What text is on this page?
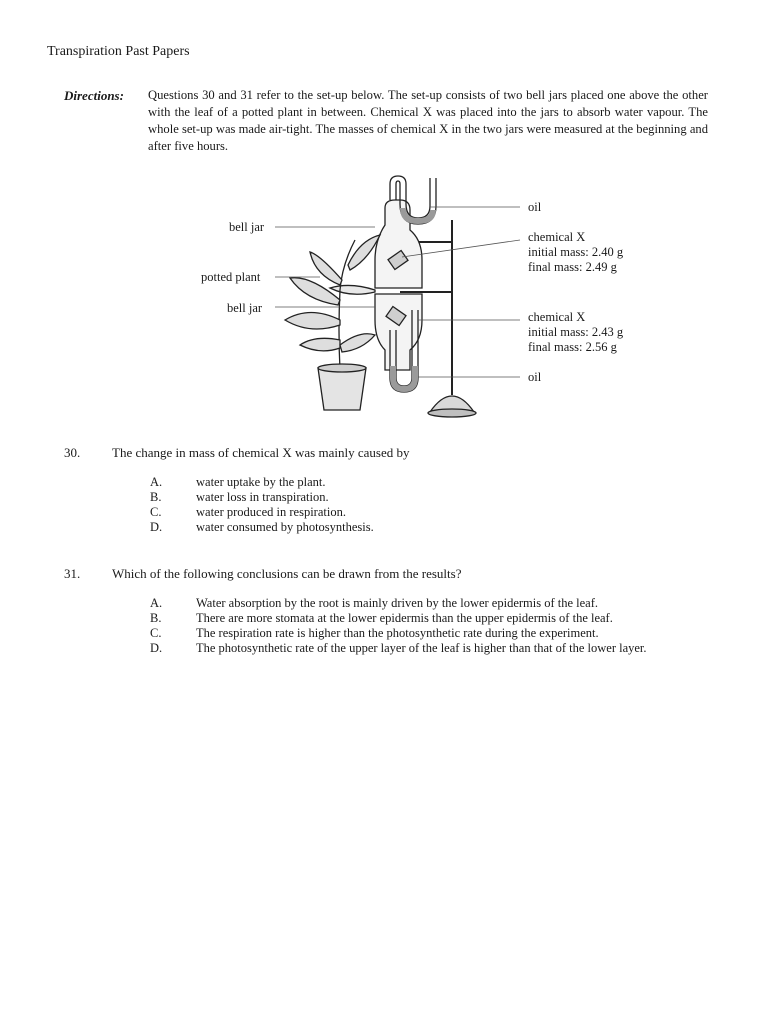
Transpiration Past Papers
Directions: Questions 30 and 31 refer to the set-up below. The set-up consists of two bell jars placed one above the other with the leaf of a potted plant in between. Chemical X was placed into the jars to absorb water vapour. The whole set-up was made air-tight. The masses of chemical X in the two jars were measured at the beginning and after five hours.
bell jar
potted plant
bell jar
oil
chemical X
initial mass: 2.40 g
final mass: 2.49 g
chemical X
initial mass: 2.43 g
final mass: 2.56 g
oil
30. The change in mass of chemical X was mainly caused by
A.	water uptake by the plant.
B.	water loss in transpiration.
C.	water produced in respiration.
D.	water consumed by photosynthesis.
31. Which of the following conclusions can be drawn from the results?
A.	Water absorption by the root is mainly driven by the lower epidermis of the leaf.
B.	There are more stomata at the lower epidermis than the upper epidermis of the leaf.
C.	The respiration rate is higher than the photosynthetic rate during the experiment.
D.	The photosynthetic rate of the upper layer of the leaf is higher than that of the lower layer.
